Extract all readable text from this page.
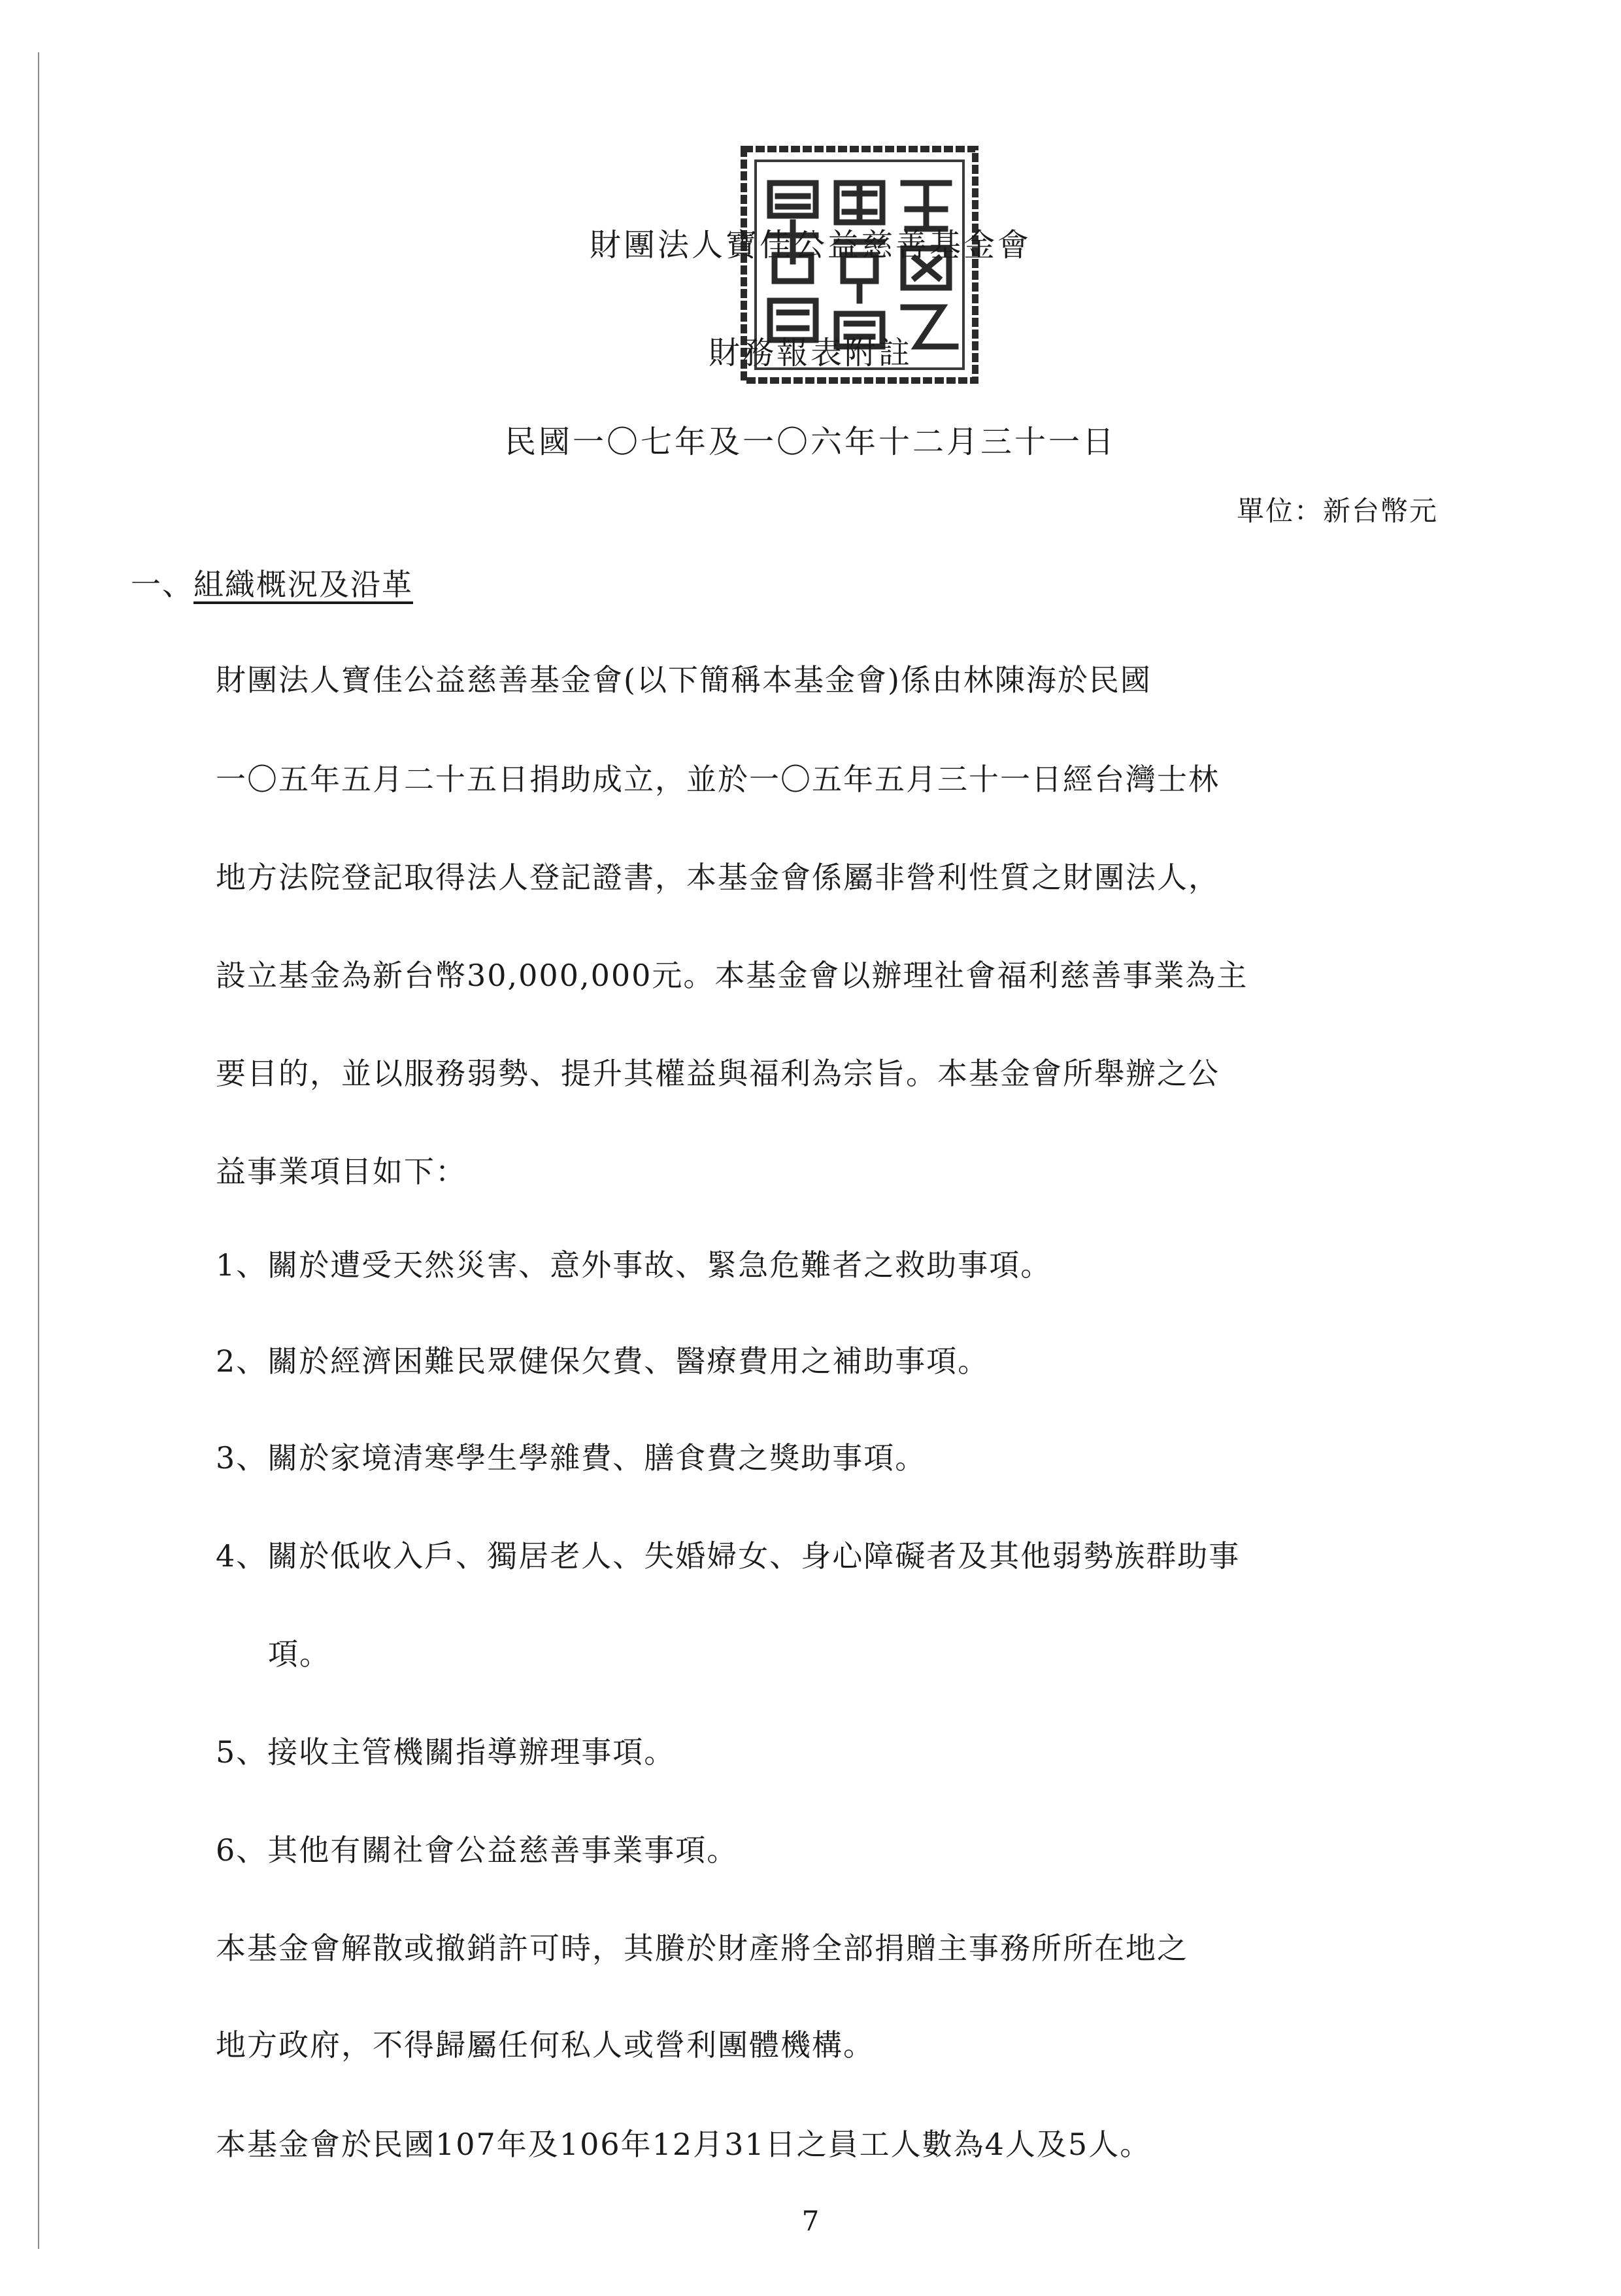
財團法人寶佳公益慈善基金會
財務報表附註
民國一〇七年及一〇六年十二月三十一日
單位：新台幣元
一、組織概況及沿革
財團法人寶佳公益慈善基金會(以下簡稱本基金會)係由林陳海於民國
一〇五年五月二十五日捐助成立，並於一〇五年五月三十一日經台灣士林
地方法院登記取得法人登記證書，本基金會係屬非營利性質之財團法人，
設立基金為新台幣30,000,000元。本基金會以辦理社會福利慈善事業為主
要目的，並以服務弱勢、提升其權益與福利為宗旨。本基金會所舉辦之公
益事業項目如下：
1、關於遭受天然災害、意外事故、緊急危難者之救助事項。
2、關於經濟困難民眾健保欠費、醫療費用之補助事項。
3、關於家境清寒學生學雜費、膳食費之獎助事項。
4、關於低收入戶、獨居老人、失婚婦女、身心障礙者及其他弱勢族群助事
項。
5、接收主管機關指導辦理事項。
6、其他有關社會公益慈善事業事項。
本基金會解散或撤銷許可時，其賸於財產將全部捐贈主事務所所在地之
地方政府，不得歸屬任何私人或營利團體機構。
本基金會於民國107年及106年12月31日之員工人數為4人及5人。
7
